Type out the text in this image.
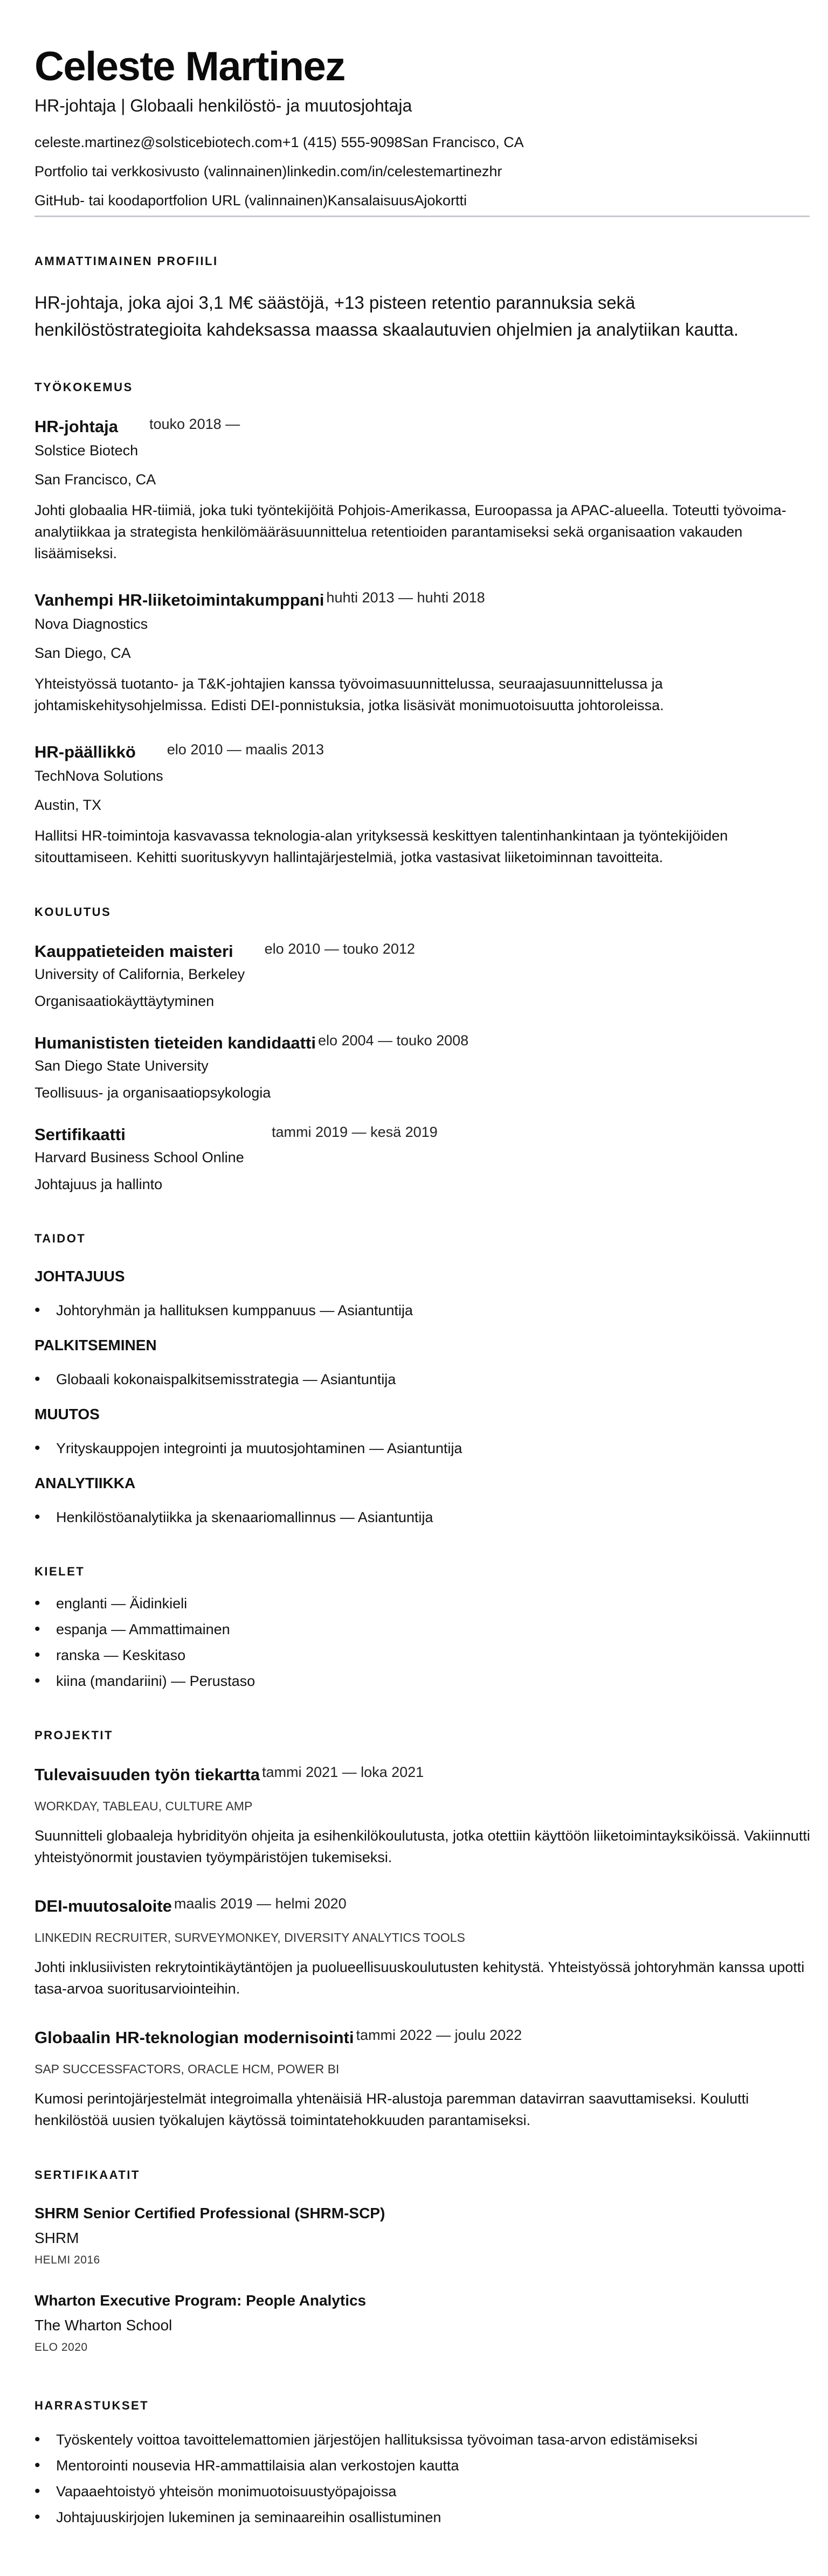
Celeste Martinez
HR-johtaja | Globaali henkilöstö- ja muutosjohtaja
celeste.martinez@solsticebiotech.com+1 (415) 555-9098San Francisco, CA
Portfolio tai verkkosivusto (valinnainen)linkedin.com/in/celestemartinezhr
GitHub- tai koodaportfolion URL (valinnainen)KansalaisuusAjokortti
AMMATTIMAINEN PROFIILI

HR-johtaja, joka ajoi 3,1 M€ säästöjä, +13 pisteen retentio parannuksia sekä henkilöstöstrategioita kahdeksassa maassa skaalautuvien ohjelmien ja analytiikan kautta.

TYÖKOKEMUS
HR-johtaja touko 2018 —
Solstice Biotech
San Francisco, CA

Johti globaalia HR-tiimiä, joka tuki työntekijöitä Pohjois-Amerikassa, Euroopassa ja APAC-alueella. Toteutti työvoima-analytiikkaa ja strategista henkilömääräsuunnittelua retentioiden parantamiseksi sekä organisaation vakauden lisäämiseksi.

Vanhempi HR-liiketoimintakumppani huhti 2013 — huhti 2018
Nova Diagnostics
San Diego, CA

Yhteistyössä tuotanto- ja T&K-johtajien kanssa työvoimasuunnittelussa, seuraajasuunnittelussa ja johtamiskehitysohjelmissa. Edisti DEI-ponnistuksia, jotka lisäsivät monimuotoisuutta johtoroleissa.

HR-päällikkö elo 2010 — maalis 2013
TechNova Solutions
Austin, TX

Hallitsi HR-toimintoja kasvavassa teknologia-alan yrityksessä keskittyen talentinhankintaan ja työntekijöiden sitouttamiseen. Kehitti suorituskyvyn hallintajärjestelmiä, jotka vastasivat liiketoiminnan tavoitteita.

KOULUTUS
Kauppatieteiden maisteri elo 2010 — touko 2012
University of California, Berkeley
Organisaatiokäyttäytyminen
Humanististen tieteiden kandidaatti elo 2004 — touko 2008
San Diego State University
Teollisuus- ja organisaatiopsykologia
Sertifikaatti	tammi 2019 — kesä 2019
Harvard Business School Online
Johtajuus ja hallinto
TAIDOT
JOHTAJUUS
• Johtoryhmän ja hallituksen kumppanuus — Asiantuntija
PALKITSEMINEN
• Globaali kokonaispalkitsemisstrategia — Asiantuntija
MUUTOS
• Yrityskauppojen integrointi ja muutosjohtaminen — Asiantuntija
ANALYTIIKKA
• Henkilöstöanalytiikka ja skenaariomallinnus — Asiantuntija
KIELET
• englanti — Äidinkieli
• espanja — Ammattimainen
• ranska — Keskitaso
• kiina (mandariini) — Perustaso
PROJEKTIT
Tulevaisuuden työn tiekartta tammi 2021 — loka 2021
WORKDAY, TABLEAU, CULTURE AMP

Suunnitteli globaaleja hybridityön ohjeita ja esihenkilökoulutusta, jotka otettiin käyttöön liiketoimintayksiköissä. Vakiinnutti yhteistyönormit joustavien työympäristöjen tukemiseksi.

DEI-muutosaloite maalis 2019 — helmi 2020
LINKEDIN RECRUITER, SURVEYMONKEY, DIVERSITY ANALYTICS TOOLS

Johti inklusiivisten rekrytointikäytäntöjen ja puolueellisuuskoulutusten kehitystä. Yhteistyössä johtoryhmän kanssa upotti tasa-arvoa suoritusarviointeihin.

Globaalin HR-teknologian modernisointi tammi 2022 — joulu 2022
SAP SUCCESSFACTORS, ORACLE HCM, POWER BI

Kumosi perintojärjestelmät integroimalla yhtenäisiä HR-alustoja paremman datavirran saavuttamiseksi. Koulutti henkilöstöä uusien työkalujen käytössä toimintatehokkuuden parantamiseksi.

SERTIFIKAATIT
SHRM Senior Certified Professional (SHRM-SCP)
SHRM
HELMI 2016
Wharton Executive Program: People Analytics
The Wharton School
ELO 2020
HARRASTUKSET
• Työskentely voittoa tavoittelemattomien järjestöjen hallituksissa työvoiman tasa-arvon edistämiseksi
• Mentorointi nousevia HR-ammattilaisia alan verkostojen kautta
• Vapaaehtoistyö yhteisön monimuotoisuustyöpajoissa
• Johtajuuskirjojen lukeminen ja seminaareihin osallistuminen
